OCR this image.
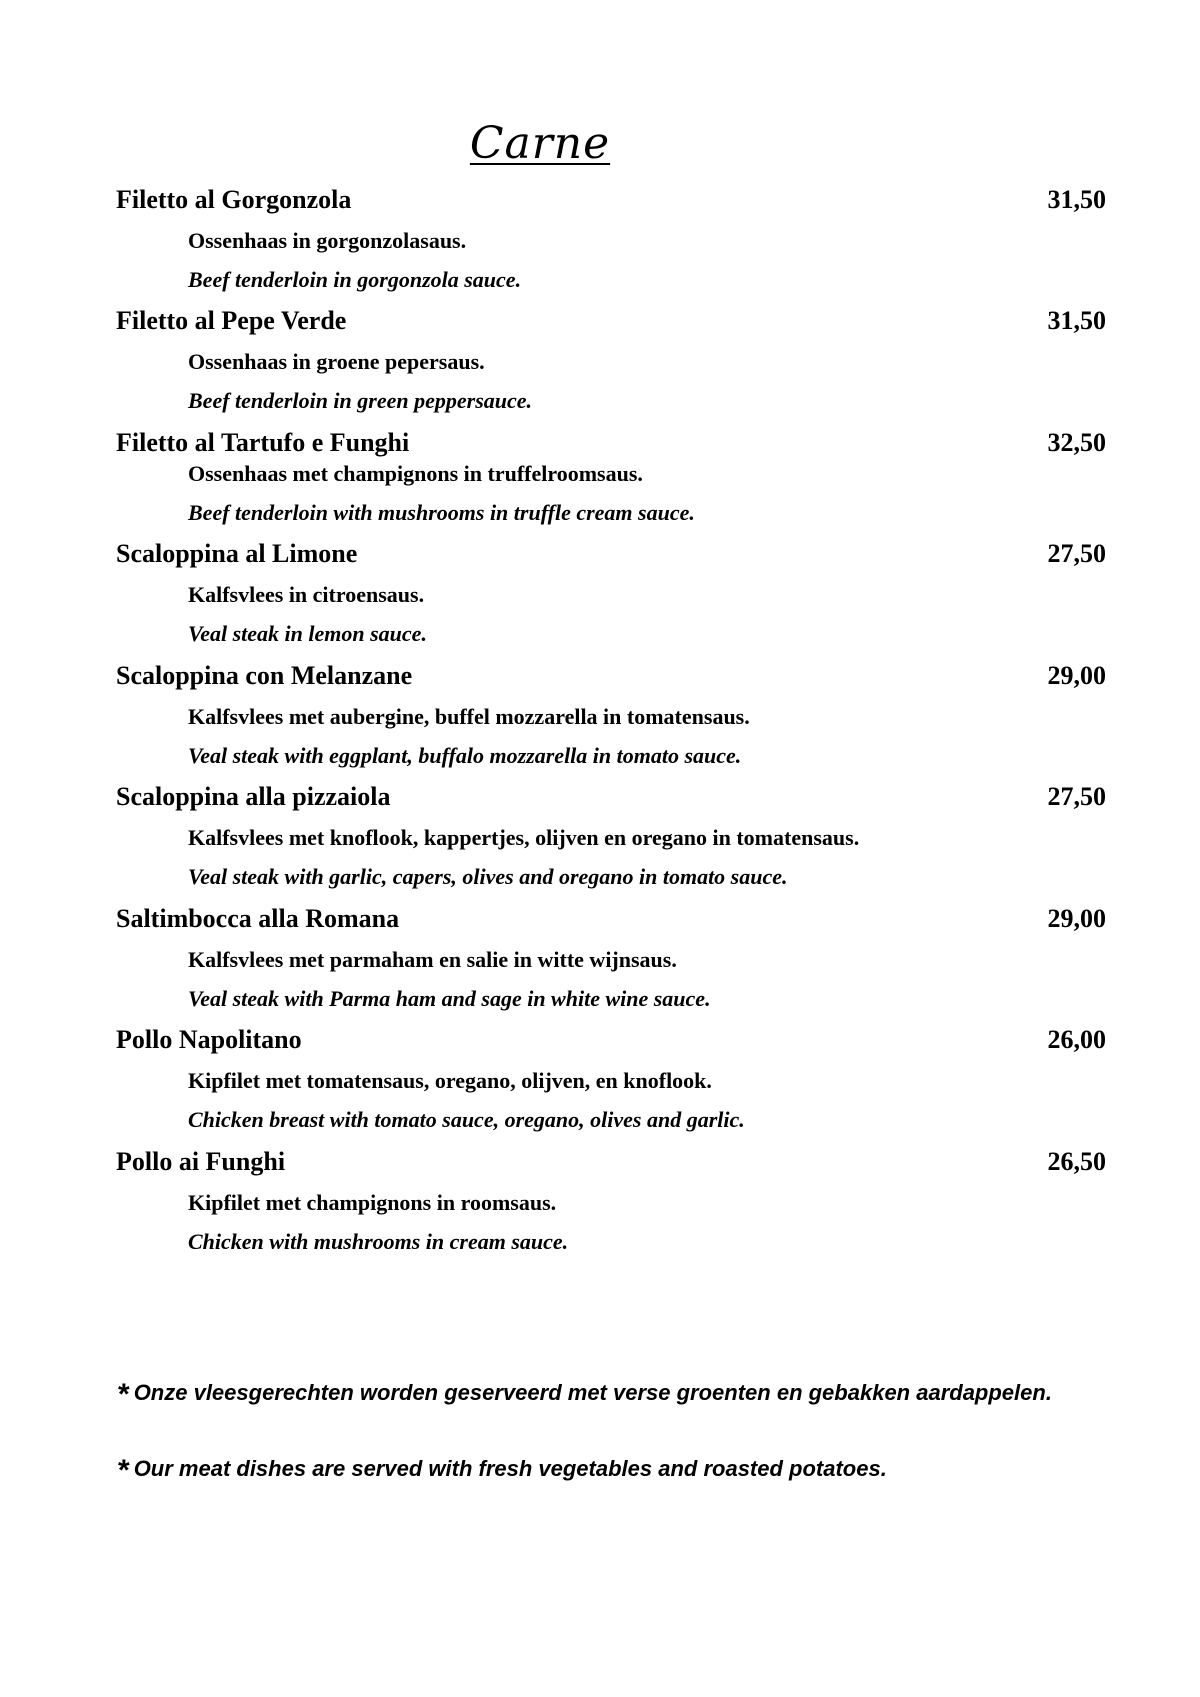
Carne
Filetto al Gorgonzola	31,50
Ossenhaas in gorgonzolasaus.
Beef tenderloin in gorgonzola sauce.
Filetto al Pepe Verde	31,50
Ossenhaas in groene pepersaus.
Beef tenderloin in green peppersauce.
Filetto al Tartufo e Funghi	32,50
Ossenhaas met champignons in truffelroomsaus.
Beef tenderloin with mushrooms in truffle cream sauce.
Scaloppina al Limone	27,50
Kalfsvlees in citroensaus.
Veal steak in lemon sauce.
Scaloppina con Melanzane	29,00
Kalfsvlees met aubergine, buffel mozzarella in tomatensaus.
Veal steak with eggplant, buffalo mozzarella in tomato sauce.
Scaloppina alla pizzaiola	27,50
Kalfsvlees met knoflook, kappertjes, olijven en oregano in tomatensaus.
Veal steak with garlic, capers, olives and oregano in tomato sauce.
Saltimbocca alla Romana	29,00
Kalfsvlees met parmaham en salie in witte wijnsaus.
Veal steak with Parma ham and sage in white wine sauce.
Pollo Napolitano	26,00
Kipfilet met tomatensaus, oregano, olijven, en knoflook.
Chicken breast with tomato sauce, oregano, olives and garlic.
Pollo ai Funghi	26,50
Kipfilet met champignons in roomsaus.
Chicken with mushrooms in cream sauce.
* Onze vleesgerechten worden geserveerd met verse groenten en gebakken aardappelen.
* Our meat dishes are served with fresh vegetables and roasted potatoes.
